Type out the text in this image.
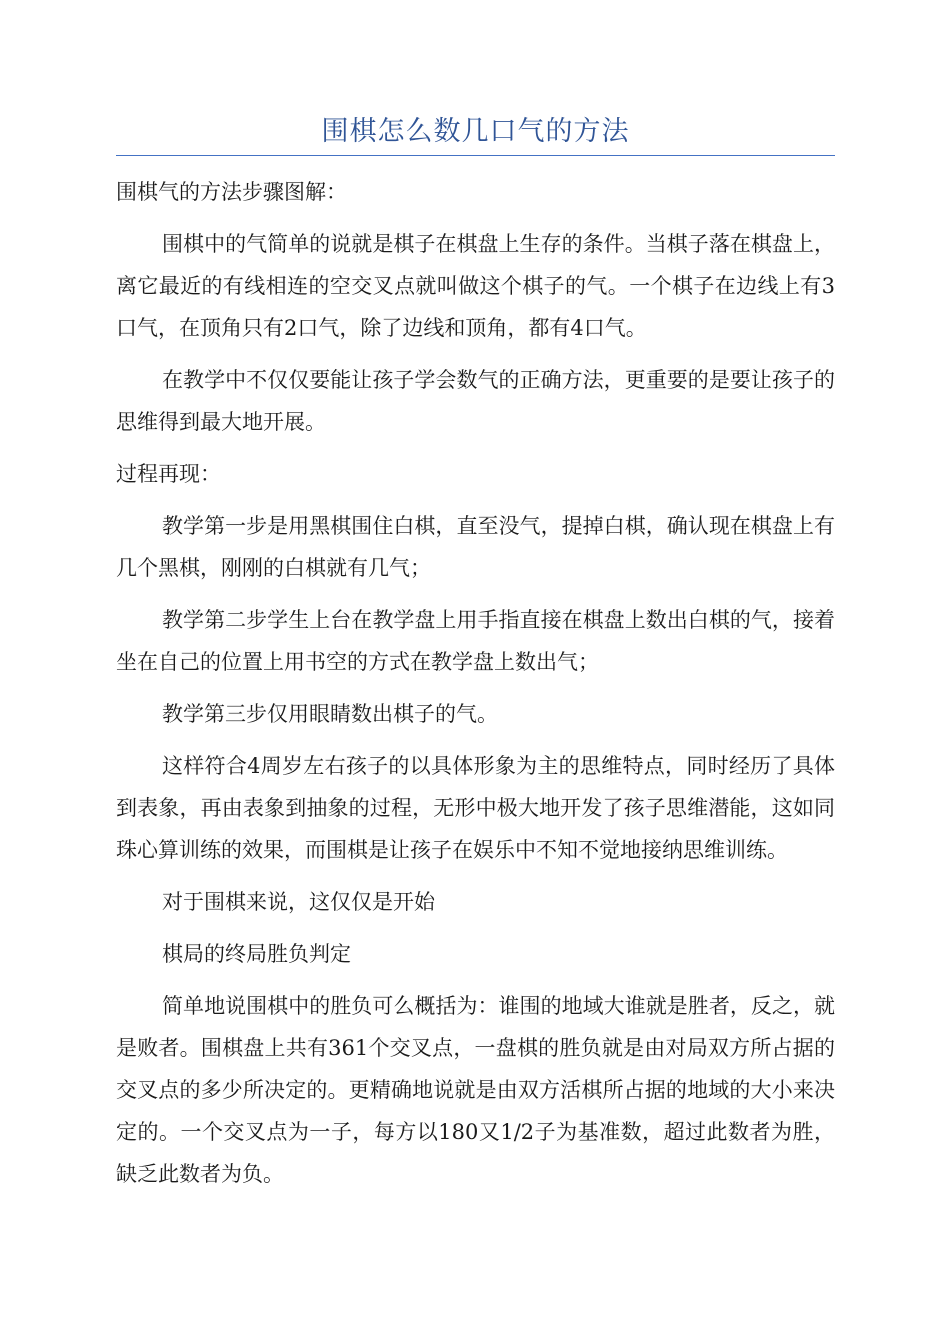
围棋怎么数几口气的方法

围棋气的方法步骤图解：

围棋中的气简单的说就是棋子在棋盘上生存的条件。当棋子落在棋盘上，离它最近的有线相连的空交叉点就叫做这个棋子的气。一个棋子在边线上有3口气，在顶角只有2口气，除了边线和顶角，都有4口气。

在教学中不仅仅要能让孩子学会数气的正确方法，更重要的是要让孩子的思维得到最大地开展。

过程再现：

教学第一步是用黑棋围住白棋，直至没气，提掉白棋，确认现在棋盘上有几个黑棋，刚刚的白棋就有几气；

教学第二步学生上台在教学盘上用手指直接在棋盘上数出白棋的气，接着坐在自己的位置上用书空的方式在教学盘上数出气；

教学第三步仅用眼睛数出棋子的气。

这样符合4周岁左右孩子的以具体形象为主的思维特点，同时经历了具体到表象，再由表象到抽象的过程，无形中极大地开发了孩子思维潜能，这如同珠心算训练的效果，而围棋是让孩子在娱乐中不知不觉地接纳思维训练。

对于围棋来说，这仅仅是开始

棋局的终局胜负判定

简单地说围棋中的胜负可么概括为：谁围的地域大谁就是胜者，反之，就是败者。围棋盘上共有361个交叉点，一盘棋的胜负就是由对局双方所占据的交叉点的多少所决定的。更精确地说就是由双方活棋所占据的地域的大小来决定的。一个交叉点为一子，每方以180又1/2子为基准数，超过此数者为胜，缺乏此数者为负。
